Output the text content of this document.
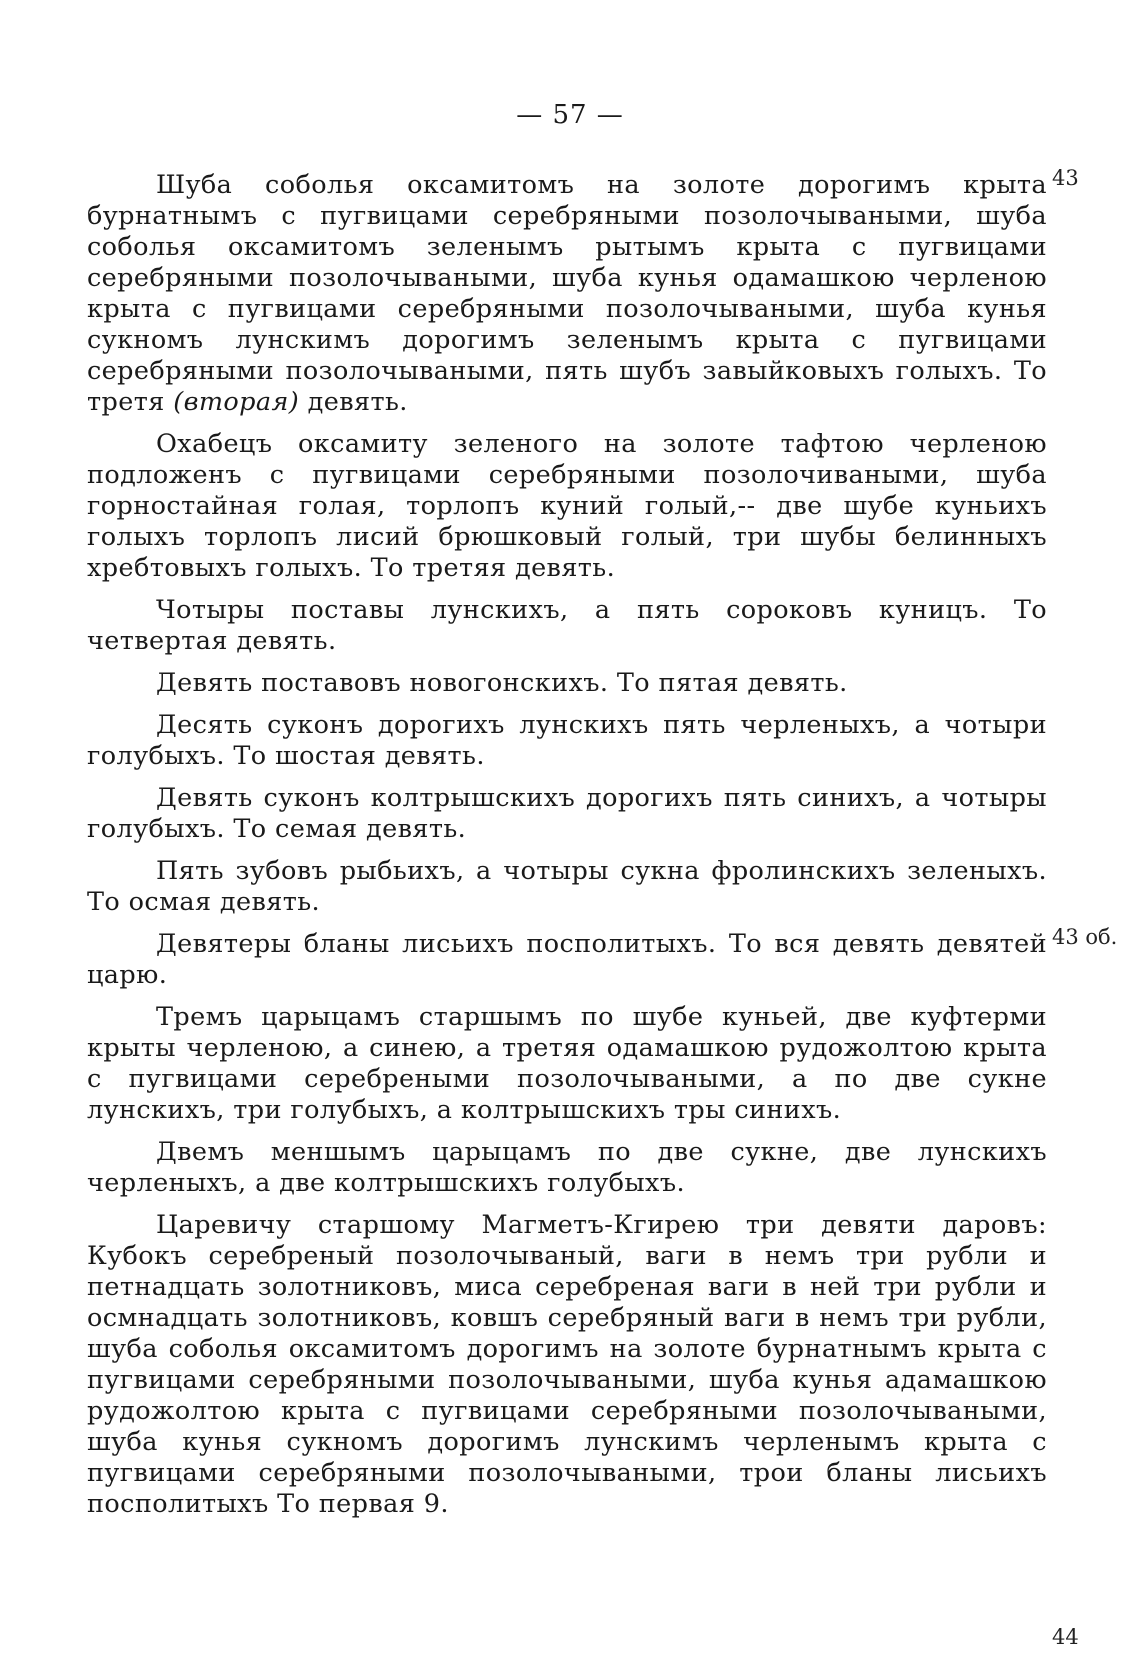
— 57 —

Шуба соболья оксамитомъ на золоте дорогимъ крыта бурнатнымъ с пугвицами серебряными позолочываными, шуба соболья оксамитомъ зеленымъ рытымъ крыта с пугвицами серебряными позолочываными, шуба кунья одамашкою черленою крыта с пугвицами серебряными позолочываными, шуба кунья сукномъ лунскимъ дорогимъ зеленымъ крыта с пугвицами серебряными позолочываными, пять шубъ завыйковыхъ голыхъ. То третя (вторая) девять.

Охабецъ оксамиту зеленого на золоте тафтою черленою подложенъ с пугвицами серебряными позолочиваными, шуба горностайная голая, торлопъ куний голый,-- две шубе куньихъ голыхъ торлопъ лисий брюшковый голый, три шубы белинныхъ хребтовыхъ голыхъ. То третяя девять.

Чотыры поставы лунскихъ, а пять сороковъ куницъ. То четвертая девять.

Девять поставовъ новогонскихъ. То пятая девять.

Десять суконъ дорогихъ лунскихъ пять черленыхъ, а чотыри голубыхъ. То шостая девять.

Девять суконъ колтрышскихъ дорогихъ пять синихъ, а чотыры голубыхъ. То семая девять.

Пять зубовъ рыбьихъ, а чотыры сукна фролинскихъ зеленыхъ. То осмая девять.

Девятеры бланы лисьихъ посполитыхъ. То вся девять девятей царю.

Тремъ царыцамъ старшымъ по шубе куньей, две куфтерми крыты черленою, а синею, а третяя одамашкою рудожолтою крыта с пугвицами серебреными позолочываными, а по две сукне лунскихъ, три голубыхъ, а колтрышскихъ тры синихъ.

Двемъ меншымъ царыцамъ по две сукне, две лунскихъ черленыхъ, а две колтрышскихъ голубыхъ.

Царевичу старшому Магметъ-Кгирею три девяти даровъ: Кубокъ серебреный позолочываный, ваги в немъ три рубли и петнадцать золотниковъ, миса серебреная ваги в ней три рубли и осмнадцать золотниковъ, ковшъ серебряный ваги в немъ три рубли, шуба соболья оксамитомъ дорогимъ на золоте бурнатнымъ крыта с пугвицами серебряными позолочываными, шуба кунья адамашкою рудожолтою крыта с пугвицами серебряными позолочываными, шуба кунья сукномъ дорогимъ лунскимъ черленымъ крыта с пугвицами серебряными позолочываными, трои бланы лисьихъ посполитыхъ То первая 9.

43
43 об.
44
